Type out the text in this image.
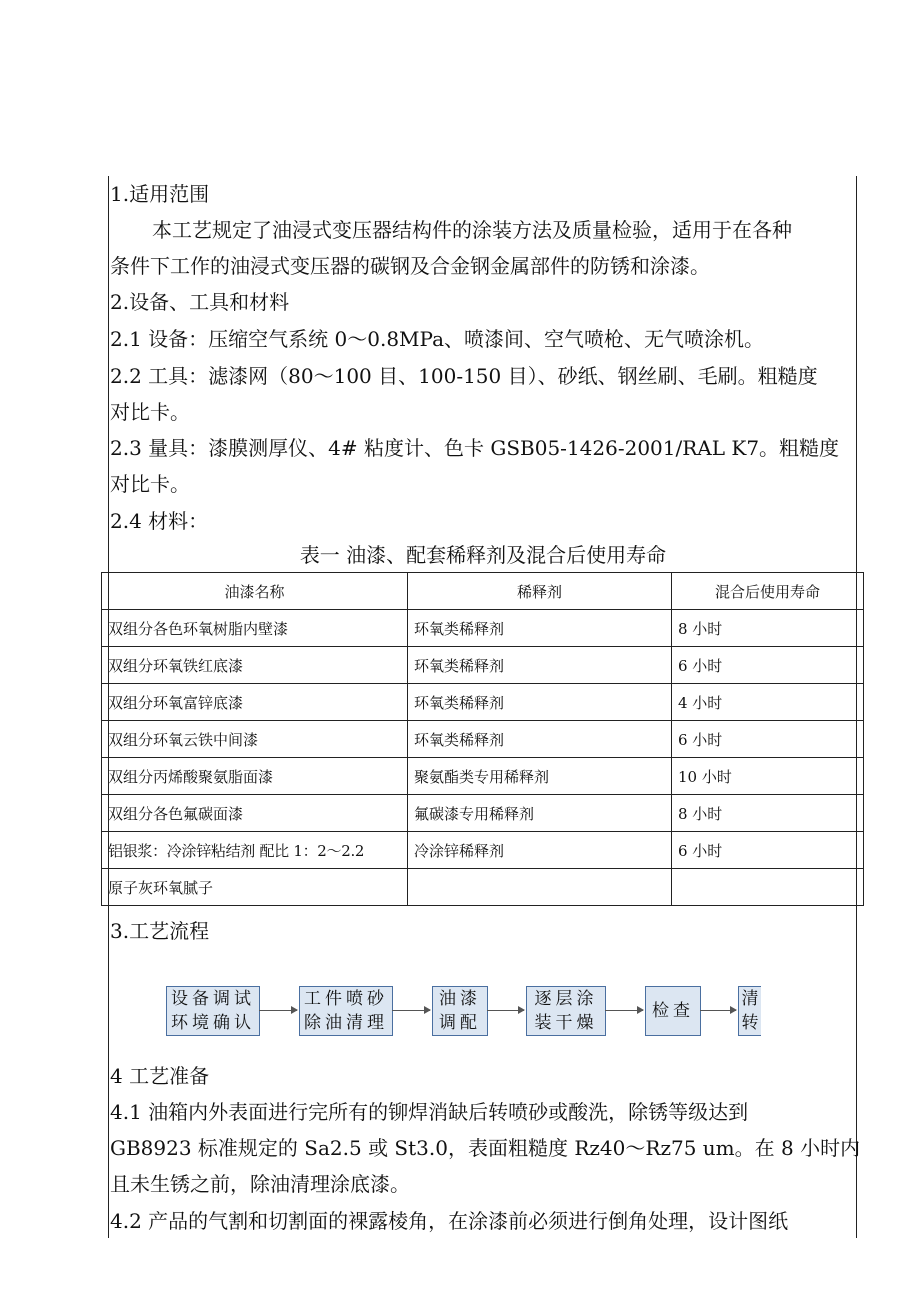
1.适用范围
本工艺规定了油浸式变压器结构件的涂装方法及质量检验，适用于在各种
条件下工作的油浸式变压器的碳钢及合金钢金属部件的防锈和涂漆。
2.设备、工具和材料
2.1 设备：压缩空气系统 0～0.8MPa、喷漆间、空气喷枪、无气喷涂机。
2.2 工具：滤漆网（80～100 目、100-150 目）、砂纸、钢丝刷、毛刷。粗糙度
对比卡。
2.3 量具：漆膜测厚仪、4# 粘度计、色卡 GSB05-1426-2001/RAL K7。粗糙度
对比卡。
2.4 材料：
表一 油漆、配套稀释剂及混合后使用寿命
油漆名称	稀释剂	混合后使用寿命
双组分各色环氧树脂内壁漆	环氧类稀释剂	8 小时
双组分环氧铁红底漆	环氧类稀释剂	6 小时
双组分环氧富锌底漆	环氧类稀释剂	4 小时
双组分环氧云铁中间漆	环氧类稀释剂	6 小时
双组分丙烯酸聚氨脂面漆	聚氨酯类专用稀释剂	10 小时
双组分各色氟碳面漆	氟碳漆专用稀释剂	8 小时
铝银浆：冷涂锌粘结剂 配比 1：2～2.2	冷涂锌稀释剂	6 小时
原子灰环氧腻子		
3.工艺流程
设备调试
环境确认
工件喷砂
除油清理
油漆
调配
逐层涂
装干燥
检查
清
转
4 工艺准备
4.1 油箱内外表面进行完所有的铆焊消缺后转喷砂或酸洗，除锈等级达到
GB8923 标准规定的 Sa2.5 或 St3.0，表面粗糙度 Rz40～Rz75 um。在 8 小时内
且未生锈之前，除油清理涂底漆。
4.2 产品的气割和切割面的裸露棱角，在涂漆前必须进行倒角处理，设计图纸
